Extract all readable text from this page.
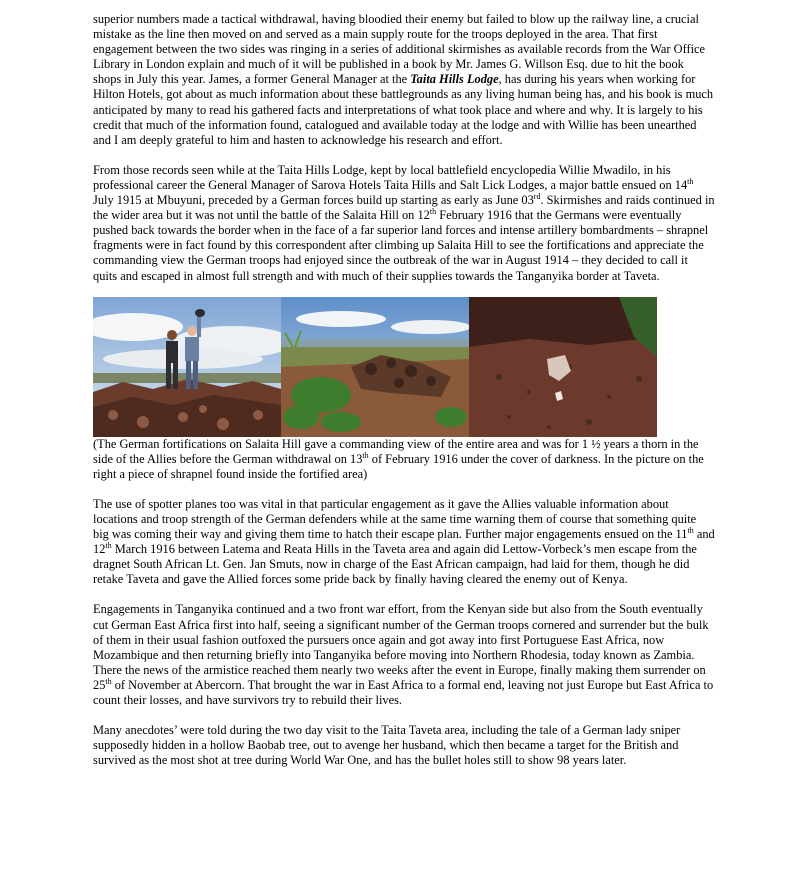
superior numbers made a tactical withdrawal, having bloodied their enemy but failed to blow up the railway line, a crucial mistake as the line then moved on and served as a main supply route for the troops deployed in the area. That first engagement between the two sides was ringing in a series of additional skirmishes as available records from the War Office Library in London explain and much of it will be published in a book by Mr. James G. Willson Esq. due to hit the book shops in July this year. James, a former General Manager at the Taita Hills Lodge, has during his years when working for Hilton Hotels, got about as much information about these battlegrounds as any living human being has, and his book is much anticipated by many to read his gathered facts and interpretations of what took place and where and why. It is largely to his credit that much of the information found, catalogued and available today at the lodge and with Willie has been unearthed and I am deeply grateful to him and hasten to acknowledge his research and effort.

From those records seen while at the Taita Hills Lodge, kept by local battlefield encyclopedia Willie Mwadilo, in his professional career the General Manager of Sarova Hotels Taita Hills and Salt Lick Lodges, a major battle ensued on 14th July 1915 at Mbuyuni, preceded by a German forces build up starting as early as June 03rd. Skirmishes and raids continued in the wider area but it was not until the battle of the Salaita Hill on 12th February 1916 that the Germans were eventually pushed back towards the border when in the face of a far superior land forces and intense artillery bombardments – shrapnel fragments were in fact found by this correspondent after climbing up Salaita Hill to see the fortifications and appreciate the commanding view the German troops had enjoyed since the outbreak of the war in August 1914 – they decided to call it quits and escaped in almost full strength and with much of their supplies towards the Tanganyika border at Taveta.

(The German fortifications on Salaita Hill gave a commanding view of the entire area and was for 1 ½ years a thorn in the side of the Allies before the German withdrawal on 13th of February 1916 under the cover of darkness. In the picture on the right a piece of shrapnel found inside the fortified area)

The use of spotter planes too was vital in that particular engagement as it gave the Allies valuable information about locations and troop strength of the German defenders while at the same time warning them of course that something quite big was coming their way and giving them time to hatch their escape plan. Further major engagements ensued on the 11th and 12th March 1916 between Latema and Reata Hills in the Taveta area and again did Lettow-Vorbeck’s men escape from the dragnet South African Lt. Gen. Jan Smuts, now in charge of the East African campaign, had laid for them, though he did retake Taveta and gave the Allied forces some pride back by finally having cleared the enemy out of Kenya.

Engagements in Tanganyika continued and a two front war effort, from the Kenyan side but also from the South eventually cut German East Africa first into half, seeing a significant number of the German troops cornered and surrender but the bulk of them in their usual fashion outfoxed the pursuers once again and got away into first Portuguese East Africa, now Mozambique and then returning briefly into Tanganyika before moving into Northern Rhodesia, today known as Zambia. There the news of the armistice reached them nearly two weeks after the event in Europe, finally making them surrender on 25th of November at Abercorn. That brought the war in East Africa to a formal end, leaving not just Europe but East Africa to count their losses, and have survivors try to rebuild their lives.

Many anecdotes’ were told during the two day visit to the Taita Taveta area, including the tale of a German lady sniper supposedly hidden in a hollow Baobab tree, out to avenge her husband, which then became a target for the British and survived as the most shot at tree during World War One, and has the bullet holes still to show 98 years later.
